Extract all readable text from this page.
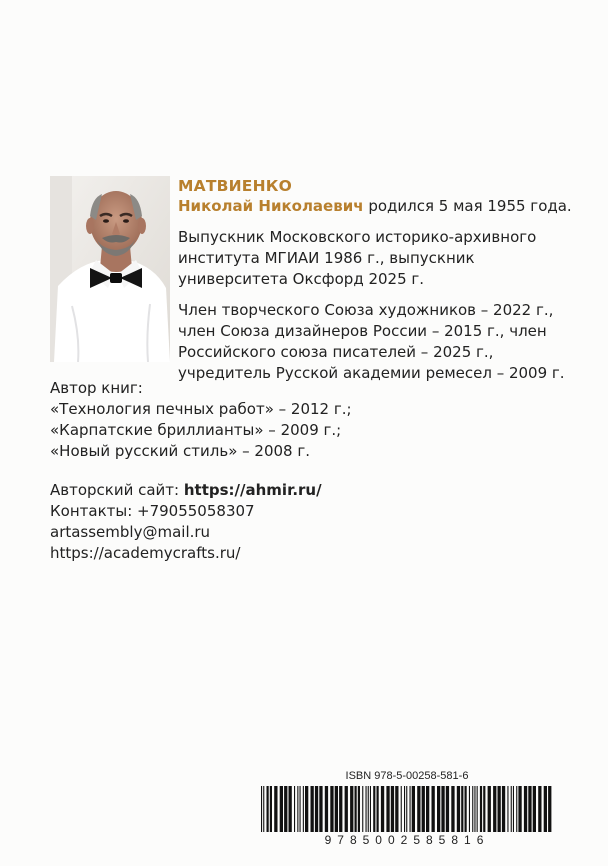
МАТВИЕНКО
Николай Николаевич родился 5 мая 1955 года.

Выпускник Московского историко-архивного

института МГИАИ 1986 г., выпускник

университета Оксфорд 2025 г.

Член творческого Союза художников – 2022 г.,

член Союза дизайнеров России – 2015 г., член

Российского союза писателей – 2025 г.,

учредитель Русской академии ремесел – 2009 г.

Автор книг:
«Технология печных работ» – 2012 г.;
«Карпатские бриллианты» – 2009 г.;
«Новый русский стиль» – 2008 г.
Авторский сайт: https://ahmir.ru/
Контакты: +79055058307
artassembly@mail.ru
https://academycrafts.ru/
ISBN 978-5-00258-581-6
9785002585816
